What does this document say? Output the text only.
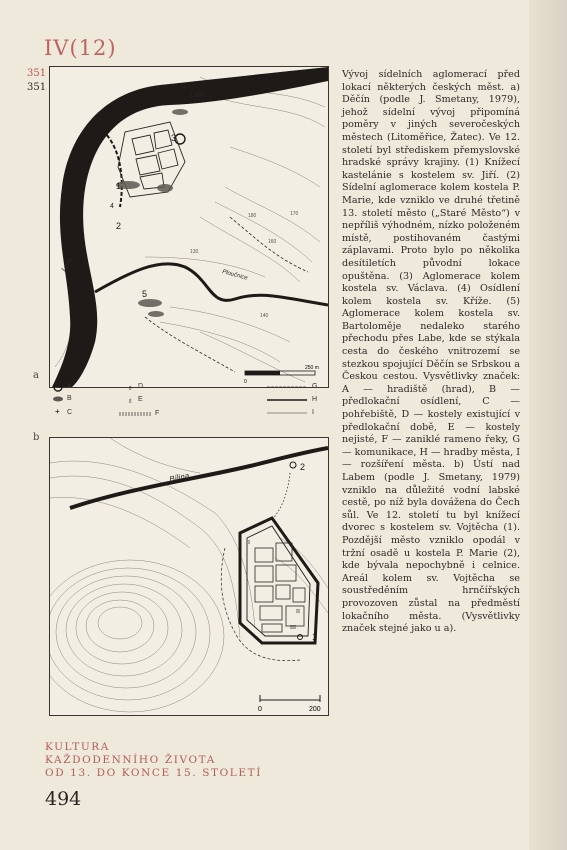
IV(12)
351
351
Labe
Labe
Ploučnice
3
1
2
4
5
180	170
160
130
140
0
250 m
a
+
♁
♁
A
B
C
D
E
F
G
H
I
b
Bílina
2
1
I
II
III
0	200
Vývoj sídelních aglomerací před lokací některých českých měst. a) Děčín (podle J. Smetany, 1979), jehož sídelní vývoj připomíná poměry v jiných severočeských městech (Litoměřice, Žatec). Ve 12. století byl střediskem přemyslovské hradské správy krajiny. (1) Knížecí kastelánie s kostelem sv. Jiří. (2) Sídelní aglomerace kolem kostela P. Marie, kde vzniklo ve druhé třetině 13. století město („Staré Město“) v nepříliš výhodném, nízko položeném místě, postihovaném častými záplavami. Proto bylo po několika desítiletích původní lokace opuštěna. (3) Aglomerace kolem kostela sv. Václava. (4) Osídlení kolem kostela sv. Kříže. (5) Aglomerace kolem kostela sv. Bartoloměje nedaleko starého přechodu přes Labe, kde se stýkala cesta do českého vnitrozemí se stezkou spojující Děčín se Srbskou a Českou cestou. Vysvětlivky značek: A — hradiště (hrad), B — předlokační osídlení, C — pohřebiště, D — kostely existující v předlokační době, E — kostely nejisté, F — zaniklé rameno řeky, G — komunikace, H — hradby města, I — rozšíření města. b) Ústí nad Labem (podle J. Smetany, 1979) vzniklo na důležité vodní labské cestě, po níž byla dovážena do Čech sůl. Ve 12. století tu byl knížecí dvorec s kostelem sv. Vojtěcha (1). Pozdější město vzniklo opodál v tržní osadě u kostela P. Marie (2), kde bývala nepochybně i celnice. Areál kolem sv. Vojtěcha se soustředěním hrnčířských provozoven zůstal na předměstí lokačního města. (Vysvětlivky značek stejné jako u a).
KULTURA
KAŽDODENNÍHO ŽIVOTA
OD 13. DO KONCE 15. STOLETÍ
494
